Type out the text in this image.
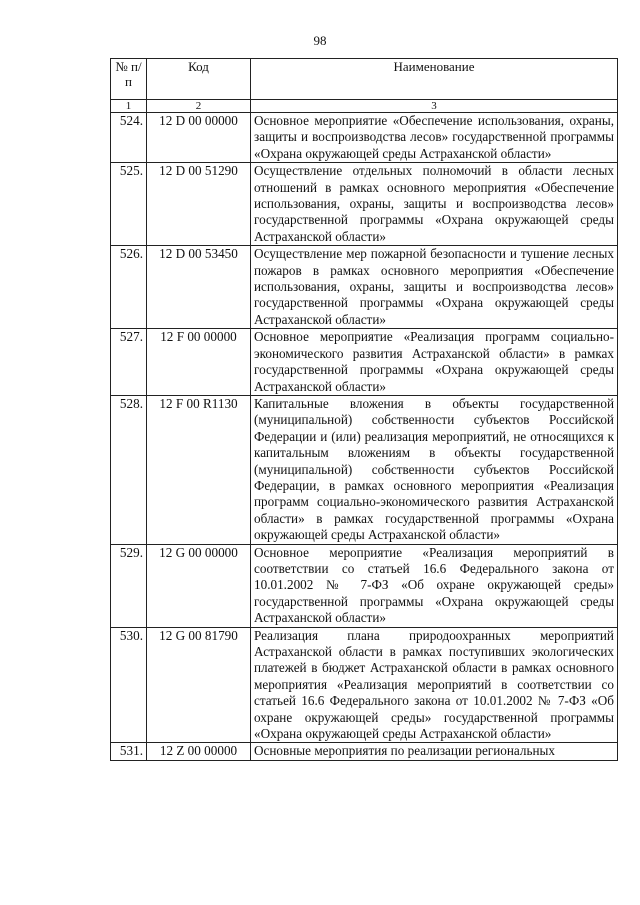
98
№ п/п	Код	Наименование
1	2	3
524.	12 D 00 00000	Основное мероприятие «Обеспечение использования, охраны, защиты и воспроизводства лесов» государственной программы «Охрана окружающей среды Астраханской области»
525.	12 D 00 51290	Осуществление отдельных полномочий в области лесных отношений в рамках основного мероприятия «Обеспечение использования, охраны, защиты и воспроизводства лесов» государственной программы «Охрана окружающей среды Астраханской области»
526.	12 D 00 53450	Осуществление мер пожарной безопасности и тушение лесных пожаров в рамках основного мероприятия «Обеспечение использования, охраны, защиты и воспроизводства лесов» государственной программы «Охрана окружающей среды Астраханской области»
527.	12 F 00 00000	Основное мероприятие «Реализация программ социально-экономического развития Астраханской области» в рамках государственной программы «Охрана окружающей среды Астраханской области»
528.	12 F 00 R1130	Капитальные вложения в объекты государственной (муниципальной) собственности субъектов Российской Федерации и (или) реализация мероприятий, не относящихся к капитальным вложениям в объекты государственной (муниципальной) собственности субъектов Российской Федерации, в рамках основного мероприятия «Реализация программ социально-экономического развития Астраханской области» в рамках государственной программы «Охрана окружающей среды Астраханской области»
529.	12 G 00 00000	Основное мероприятие «Реализация мероприятий в соответствии со статьей 16.6 Федерального закона от 10.01.2002 № 7-ФЗ «Об охране окружающей среды» государственной программы «Охрана окружающей среды Астраханской области»
530.	12 G 00 81790	Реализация плана природоохранных мероприятий Астраханской области в рамках поступивших экологических платежей в бюджет Астраханской области в рамках основного мероприятия «Реализация мероприятий в соответствии со статьей 16.6 Федерального закона от 10.01.2002 № 7-ФЗ «Об охране окружающей среды» государственной программы «Охрана окружающей среды Астраханской области»
531.	12 Z 00 00000	Основные мероприятия по реализации региональных
